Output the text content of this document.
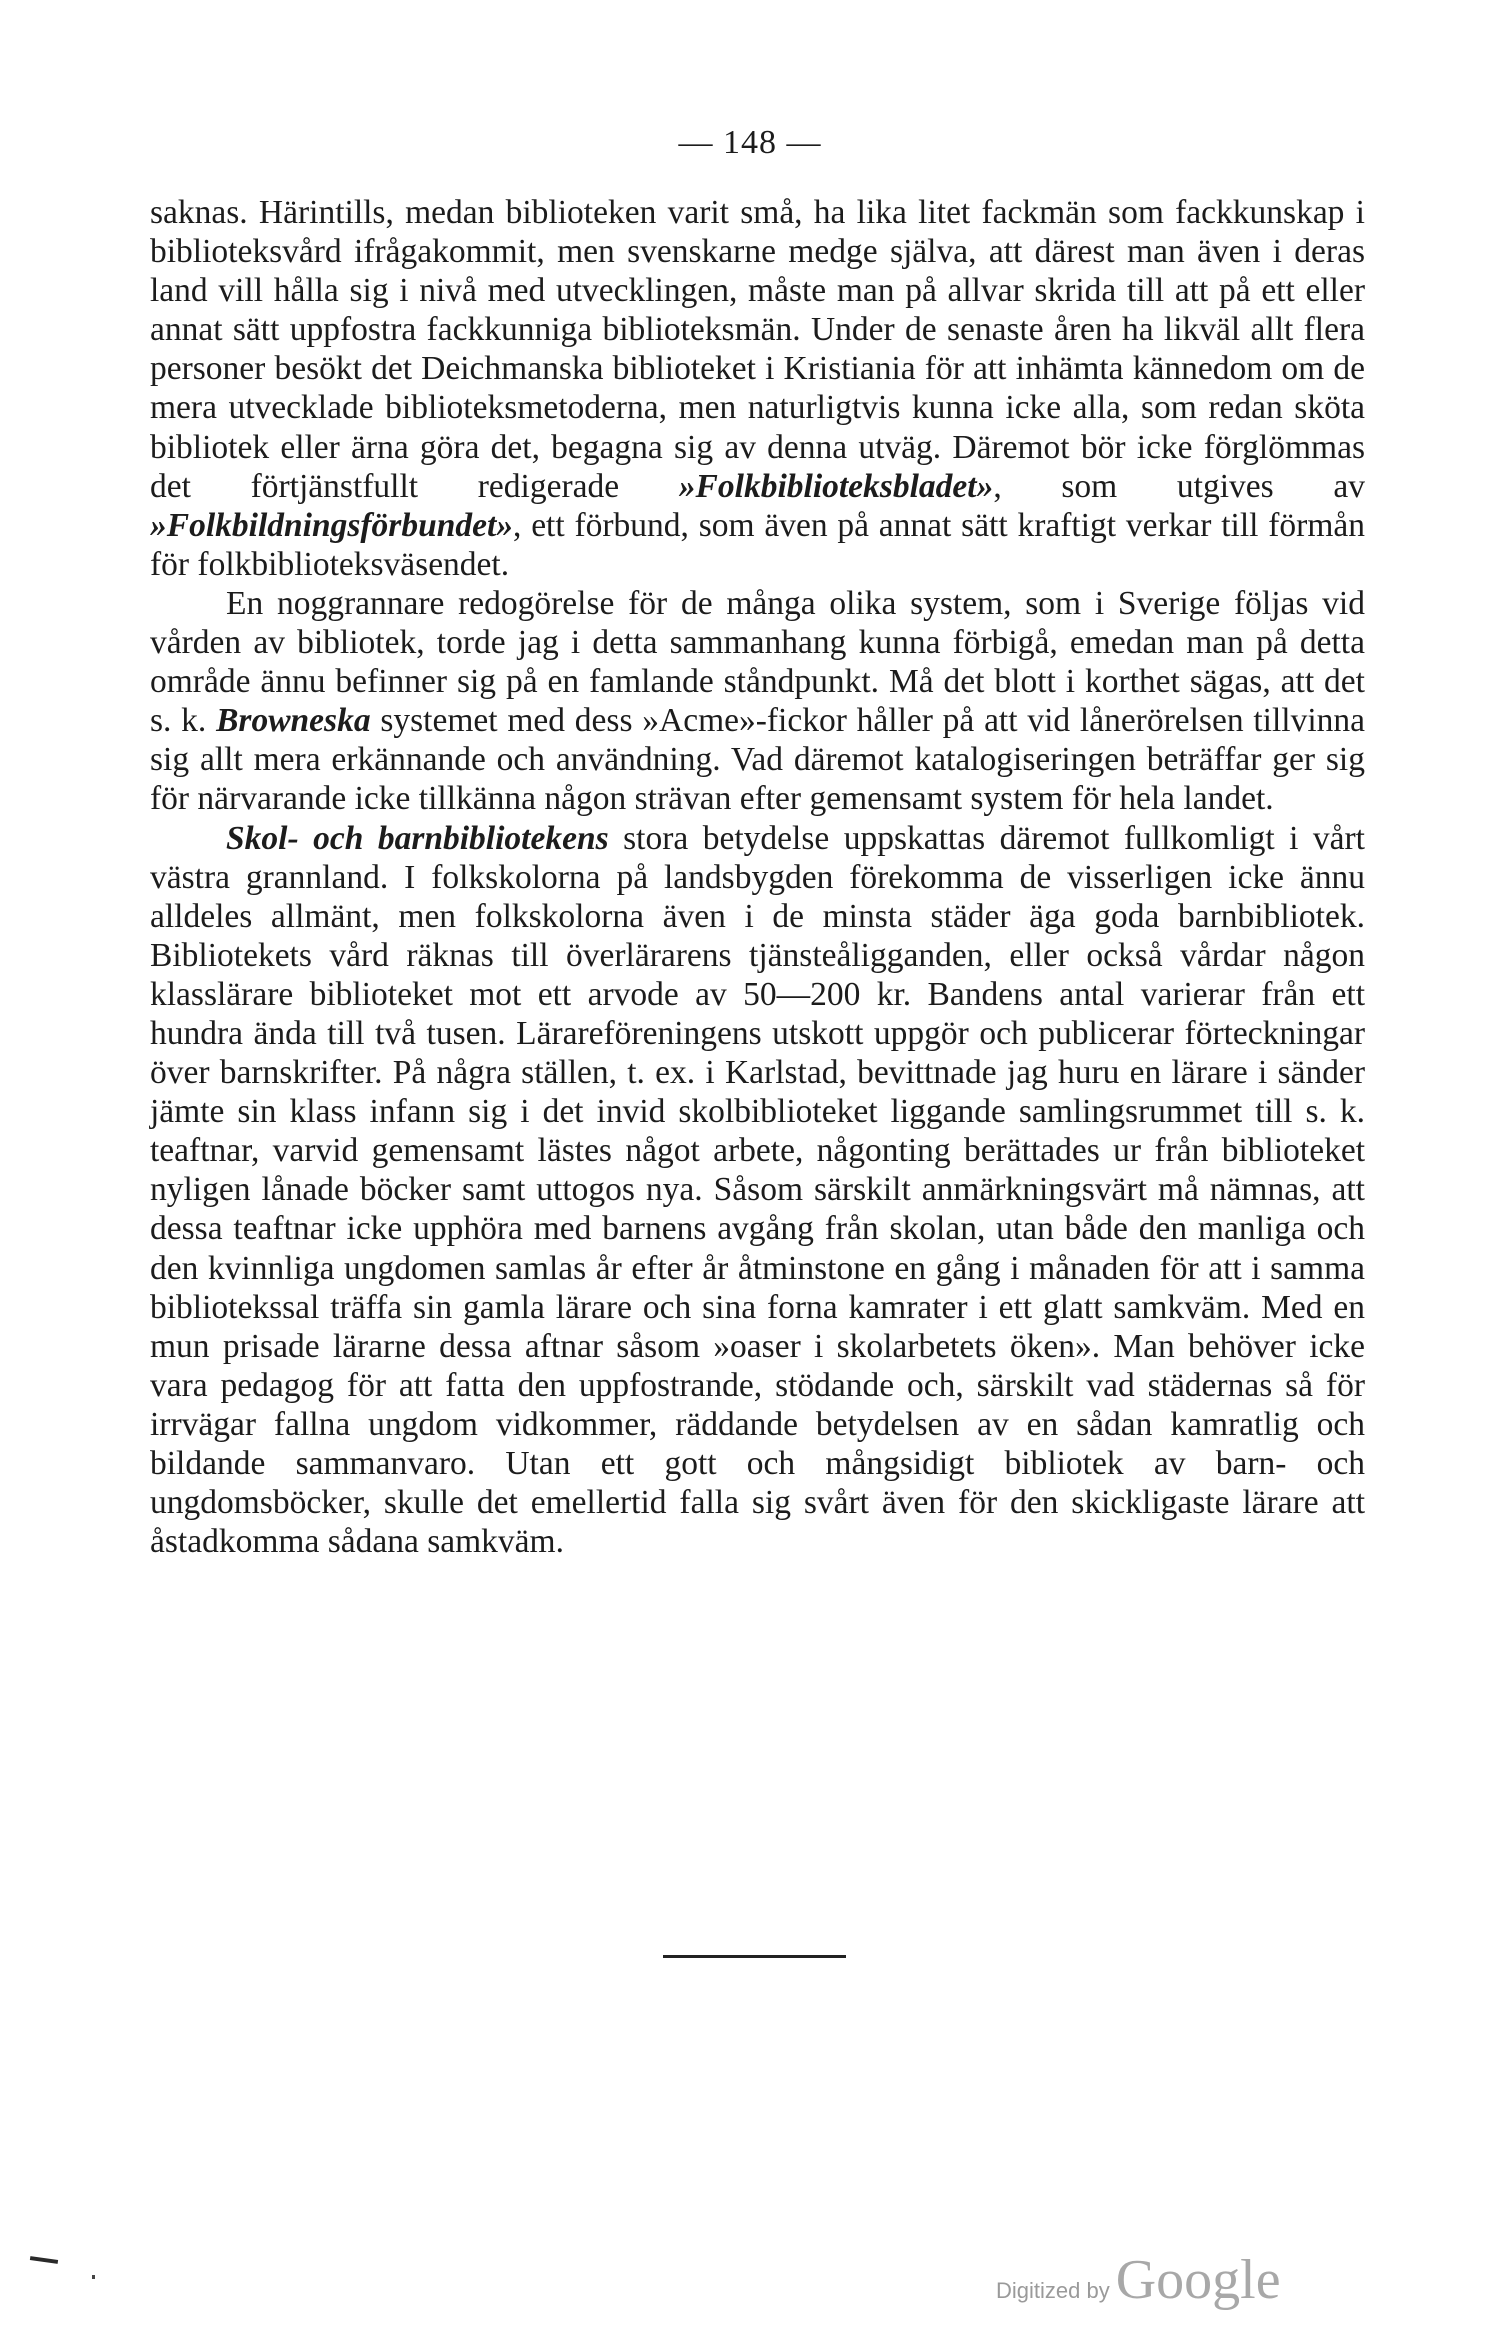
— 148 —

saknas. Härintills, medan biblioteken varit små, ha lika litet fackmän som fackkunskap i biblioteksvård ifrågakommit, men svenskarne medge själva, att därest man även i deras land vill hålla sig i nivå med utvecklingen, måste man på allvar skrida till att på ett eller annat sätt uppfostra fackkunniga biblioteksmän. Under de senaste åren ha likväl allt flera personer besökt det Deichmanska biblioteket i Kristiania för att inhämta kännedom om de mera utvecklade biblioteksmetoderna, men naturligtvis kunna icke alla, som redan sköta bibliotek eller ärna göra det, begagna sig av denna utväg. Däremot bör icke förglömmas det förtjänstfullt redigerade »Folkbiblioteksbladet», som utgives av »Folkbildningsförbundet», ett förbund, som även på annat sätt kraftigt verkar till förmån för folkbiblioteksväsendet.

En noggrannare redogörelse för de många olika system, som i Sverige följas vid vården av bibliotek, torde jag i detta sammanhang kunna förbigå, emedan man på detta område ännu befinner sig på en famlande ståndpunkt. Må det blott i korthet sägas, att det s. k. Browneska systemet med dess »Acme»-fickor håller på att vid lånerörelsen tillvinna sig allt mera erkännande och användning. Vad däremot katalogiseringen beträffar ger sig för närvarande icke tillkänna någon strävan efter gemensamt system för hela landet.

Skol- och barnbibliotekens stora betydelse uppskattas däremot fullkomligt i vårt västra grannland. I folkskolorna på landsbygden förekomma de visserligen icke ännu alldeles allmänt, men folkskolorna även i de minsta städer äga goda barnbibliotek. Bibliotekets vård räknas till överlärarens tjänsteåligganden, eller också vårdar någon klasslärare biblioteket mot ett arvode av 50—200 kr. Bandens antal varierar från ett hundra ända till två tusen. Lärareföreningens utskott uppgör och publicerar förteckningar över barnskrifter. På några ställen, t. ex. i Karlstad, bevittnade jag huru en lärare i sänder jämte sin klass infann sig i det invid skolbiblioteket liggande samlingsrummet till s. k. teaftnar, varvid gemensamt lästes något arbete, någonting berättades ur från biblioteket nyligen lånade böcker samt uttogos nya. Såsom särskilt anmärkningsvärt må nämnas, att dessa teaftnar icke upphöra med barnens avgång från skolan, utan både den manliga och den kvinnliga ungdomen samlas år efter år åtminstone en gång i månaden för att i samma bibliotekssal träffa sin gamla lärare och sina forna kamrater i ett glatt samkväm. Med en mun prisade lärarne dessa aftnar såsom »oaser i skolarbetets öken». Man behöver icke vara pedagog för att fatta den uppfostrande, stödande och, särskilt vad städernas så för irrvägar fallna ungdom vidkommer, räddande betydelsen av en sådan kamratlig och bildande sammanvaro. Utan ett gott och mångsidigt bibliotek av barn- och ungdomsböcker, skulle det emellertid falla sig svårt även för den skickligaste lärare att åstadkomma sådana samkväm.

Digitized by Google
